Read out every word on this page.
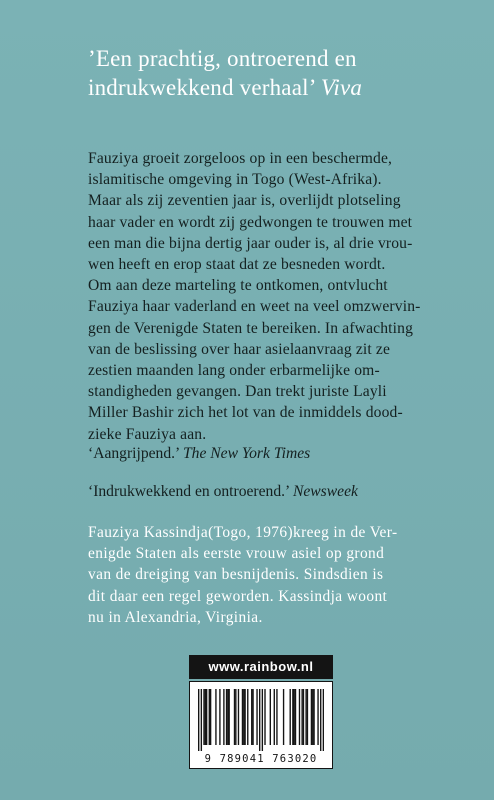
’Een prachtig, ontroerend en
indrukwekkend verhaal’ Viva
Fauziya groeit zorgeloos op in een beschermde,
islamitische omgeving in Togo (West-Afrika).
Maar als zij zeventien jaar is, overlijdt plotseling
haar vader en wordt zij gedwongen te trouwen met
een man die bijna dertig jaar ouder is, al drie vrou-
wen heeft en erop staat dat ze besneden wordt.
Om aan deze marteling te ontkomen, ontvlucht
Fauziya haar vaderland en weet na veel omzwervin-
gen de Verenigde Staten te bereiken. In afwachting
van de beslissing over haar asielaanvraag zit ze
zestien maanden lang onder erbarmelijke om-
standigheden gevangen. Dan trekt juriste Layli
Miller Bashir zich het lot van de inmiddels dood-
zieke Fauziya aan.
‘Aangrijpend.’ The New York Times
‘Indrukwekkend en ontroerend.’ Newsweek
Fauziya Kassindja(Togo, 1976)kreeg in de Ver-
enigde Staten als eerste vrouw asiel op grond
van de dreiging van besnijdenis. Sindsdien is
dit daar een regel geworden. Kassindja woont
nu in Alexandria, Virginia.
www.rainbow.nl
9 789041 763020
